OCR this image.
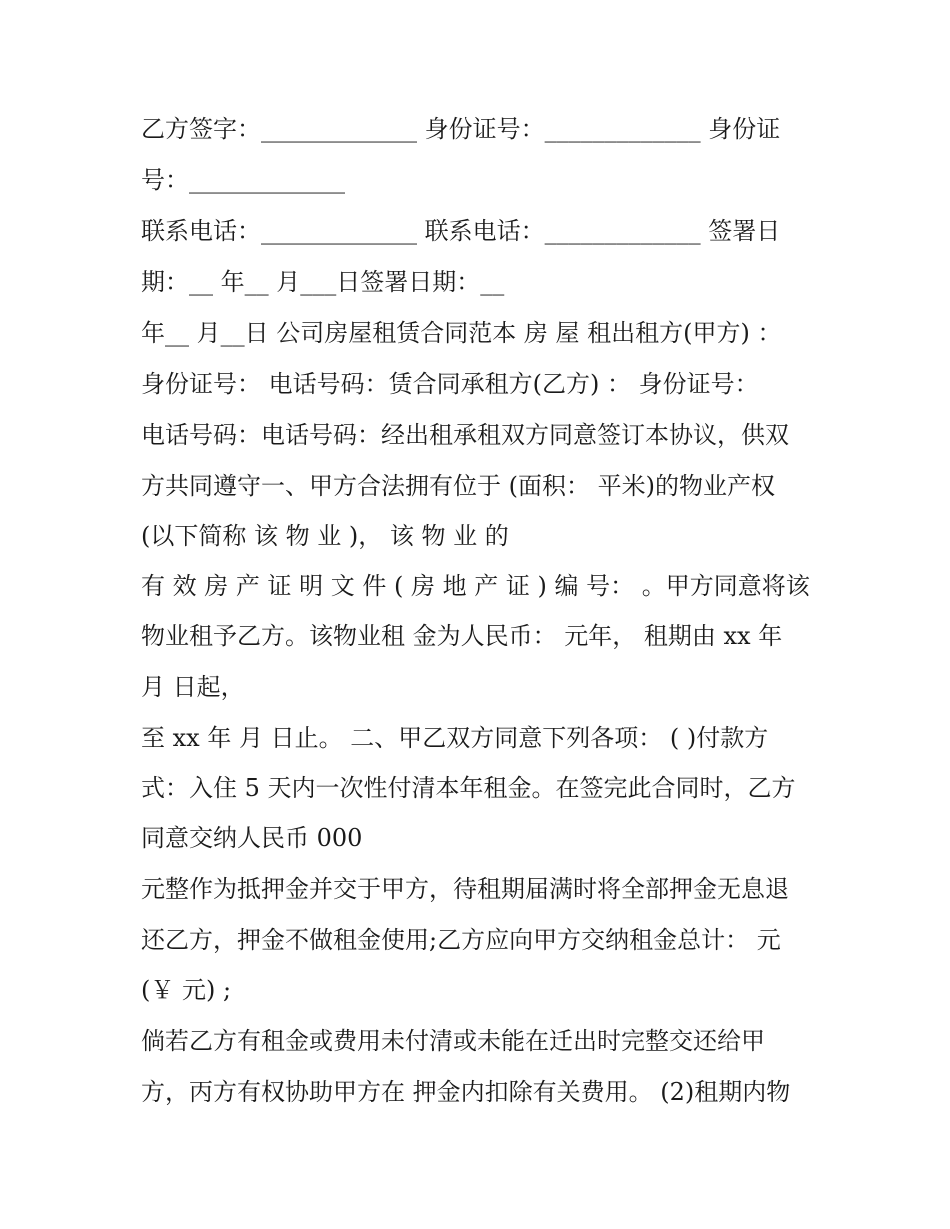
乙方签字：_____________ 身份证号：_____________ 身份证
号：_____________
联系电话：_____________ 联系电话：_____________ 签署日
期：__ 年__ 月___日签署日期：__
年__ 月__日 公司房屋租赁合同范本 房 屋 租出租方(甲方) ：
身份证号： 电话号码：赁合同承租方(乙方) ： 身份证号：
电话号码：电话号码：经出租承租双方同意签订本协议，供双
方共同遵守一、甲方合法拥有位于 (面积： 平米)的物业产权
(以下简称 该 物 业 )， 该 物 业 的
有 效 房 产 证 明 文 件 ( 房 地 产 证 ) 编 号： 。甲方同意将该
物业租予乙方。该物业租 金为人民币： 元年， 租期由 xx 年
月 日起，
至 xx 年 月 日止。 二、甲乙双方同意下列各项： ( )付款方
式：入住 5 天内一次性付清本年租金。在签完此合同时，乙方
同意交纳人民币 000
元整作为抵押金并交于甲方，待租期届满时将全部押金无息退
还乙方，押金不做租金使用;乙方应向甲方交纳租金总计： 元
(￥ 元) ;
倘若乙方有租金或费用未付清或未能在迁出时完整交还给甲
方，丙方有权协助甲方在 押金内扣除有关费用。 (2)租期内物
